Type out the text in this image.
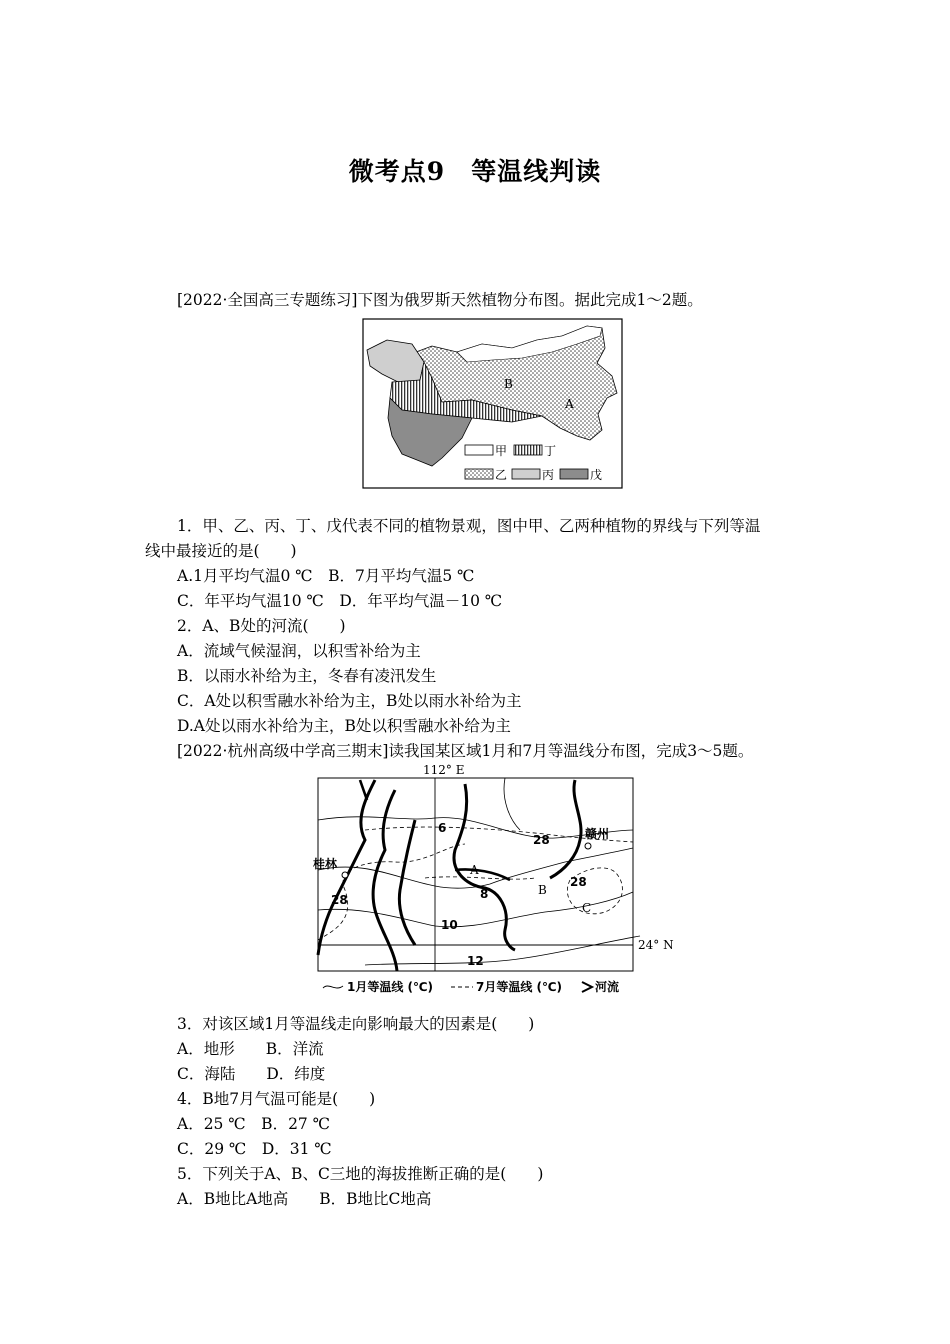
微考点9　等温线判读
[2022·全国高三专题练习]下图为俄罗斯天然植物分布图。据此完成1～2题。
B
A
甲	丁
乙	丙	戊
1．甲、乙、丙、丁、戊代表不同的植物景观，图中甲、乙两种植物的界线与下列等温
线中最接近的是(　　)
A.1月平均气温0 ℃　B．7月平均气温5 ℃
C．年平均气温10 ℃　D．年平均气温－10 ℃
2．A、B处的河流(　　)
A．流域气候湿润，以积雪补给为主
B．以雨水补给为主，冬春有凌汛发生
C．A处以积雪融水补给为主，B处以雨水补给为主
D.A处以雨水补给为主，B处以积雪融水补给为主
[2022·杭州高级中学高三期末]读我国某区域1月和7月等温线分布图，完成3～5题。
112° E
桂林
赣州
A
B
C
6
8
10
12
28
28
28
24° N
1月等温线 (℃)	7月等温线 (℃)	河流
3．对该区域1月等温线走向影响最大的因素是(　　)
A．地形　　B．洋流
C．海陆　　D．纬度
4．B地7月气温可能是(　　)
A．25 ℃　B．27 ℃
C．29 ℃　D．31 ℃
5．下列关于A、B、C三地的海拔推断正确的是(　　)
A．B地比A地高　　B．B地比C地高
